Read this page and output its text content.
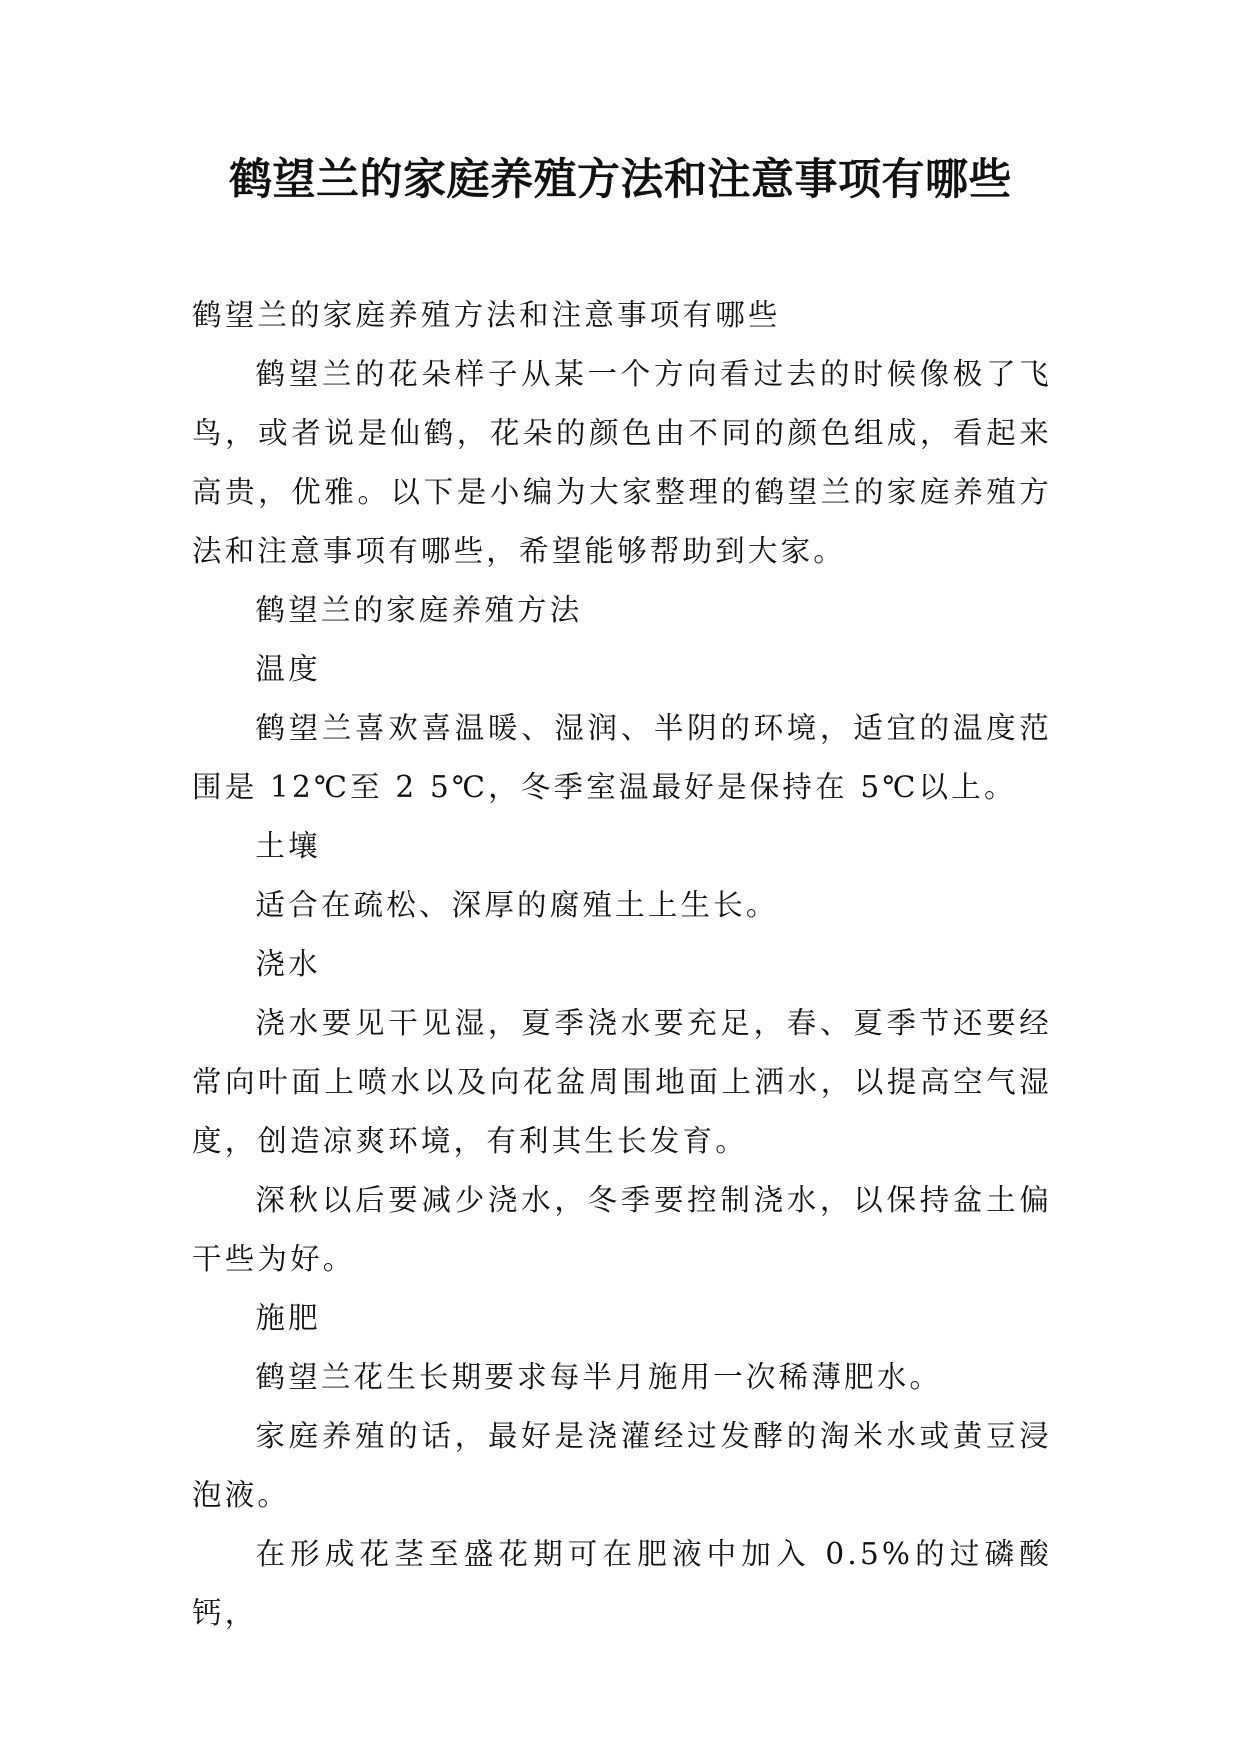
鹤望兰的家庭养殖方法和注意事项有哪些

鹤望兰的家庭养殖方法和注意事项有哪些

鹤望兰的花朵样子从某一个方向看过去的时候像极了飞鸟，或者说是仙鹤，花朵的颜色由不同的颜色组成，看起来高贵，优雅。以下是小编为大家整理的鹤望兰的家庭养殖方法和注意事项有哪些，希望能够帮助到大家。

鹤望兰的家庭养殖方法

温度

鹤望兰喜欢喜温暖、湿润、半阴的环境，适宜的温度范围是 12℃至 2 5℃，冬季室温最好是保持在 5℃以上。

土壤

适合在疏松、深厚的腐殖土上生长。

浇水

浇水要见干见湿，夏季浇水要充足，春、夏季节还要经常向叶面上喷水以及向花盆周围地面上洒水，以提高空气湿度，创造凉爽环境，有利其生长发育。

深秋以后要减少浇水，冬季要控制浇水，以保持盆土偏干些为好。

施肥

鹤望兰花生长期要求每半月施用一次稀薄肥水。

家庭养殖的话，最好是浇灌经过发酵的淘米水或黄豆浸泡液。

在形成花茎至盛花期可在肥液中加入 0.5%的过磷酸钙，
